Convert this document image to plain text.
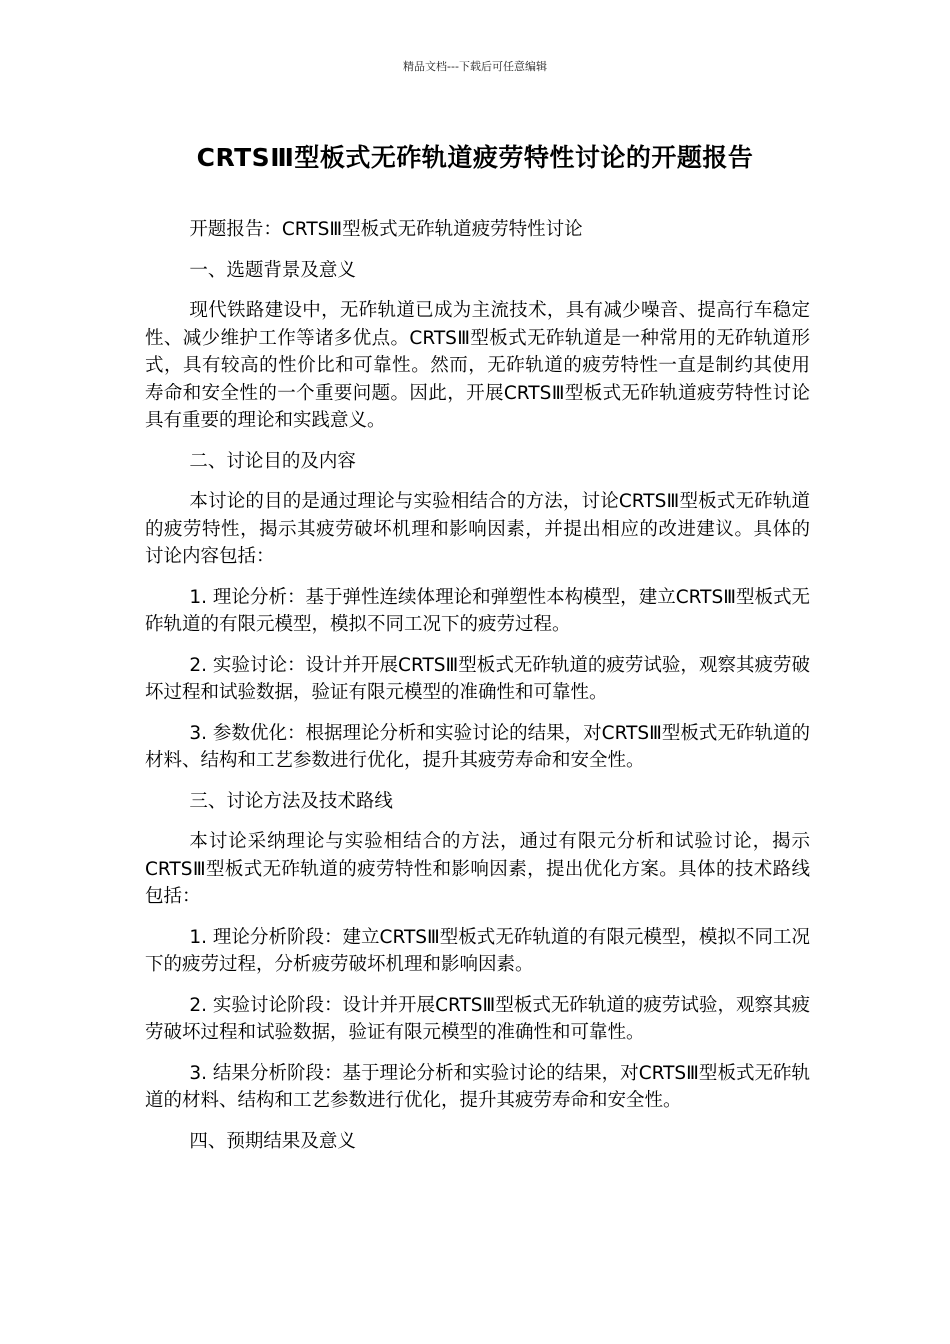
精品文档---下载后可任意编辑
CRTSⅢ型板式无砟轨道疲劳特性讨论的开题报告

开题报告：CRTSⅢ型板式无砟轨道疲劳特性讨论

一、选题背景及意义

现代铁路建设中，无砟轨道已成为主流技术，具有减少噪音、提高行车稳定性、减少维护工作等诸多优点。CRTSⅢ型板式无砟轨道是一种常用的无砟轨道形式，具有较高的性价比和可靠性。然而，无砟轨道的疲劳特性一直是制约其使用寿命和安全性的一个重要问题。因此，开展CRTSⅢ型板式无砟轨道疲劳特性讨论具有重要的理论和实践意义。

二、讨论目的及内容

本讨论的目的是通过理论与实验相结合的方法，讨论CRTSⅢ型板式无砟轨道的疲劳特性，揭示其疲劳破坏机理和影响因素，并提出相应的改进建议。具体的讨论内容包括：

1. 理论分析：基于弹性连续体理论和弹塑性本构模型，建立CRTSⅢ型板式无砟轨道的有限元模型，模拟不同工况下的疲劳过程。

2. 实验讨论：设计并开展CRTSⅢ型板式无砟轨道的疲劳试验，观察其疲劳破坏过程和试验数据，验证有限元模型的准确性和可靠性。

3. 参数优化：根据理论分析和实验讨论的结果，对CRTSⅢ型板式无砟轨道的材料、结构和工艺参数进行优化，提升其疲劳寿命和安全性。

三、讨论方法及技术路线

本讨论采纳理论与实验相结合的方法，通过有限元分析和试验讨论，揭示CRTSⅢ型板式无砟轨道的疲劳特性和影响因素，提出优化方案。具体的技术路线包括：

1. 理论分析阶段：建立CRTSⅢ型板式无砟轨道的有限元模型，模拟不同工况下的疲劳过程，分析疲劳破坏机理和影响因素。

2. 实验讨论阶段：设计并开展CRTSⅢ型板式无砟轨道的疲劳试验，观察其疲劳破坏过程和试验数据，验证有限元模型的准确性和可靠性。

3. 结果分析阶段：基于理论分析和实验讨论的结果，对CRTSⅢ型板式无砟轨道的材料、结构和工艺参数进行优化，提升其疲劳寿命和安全性。

四、预期结果及意义
